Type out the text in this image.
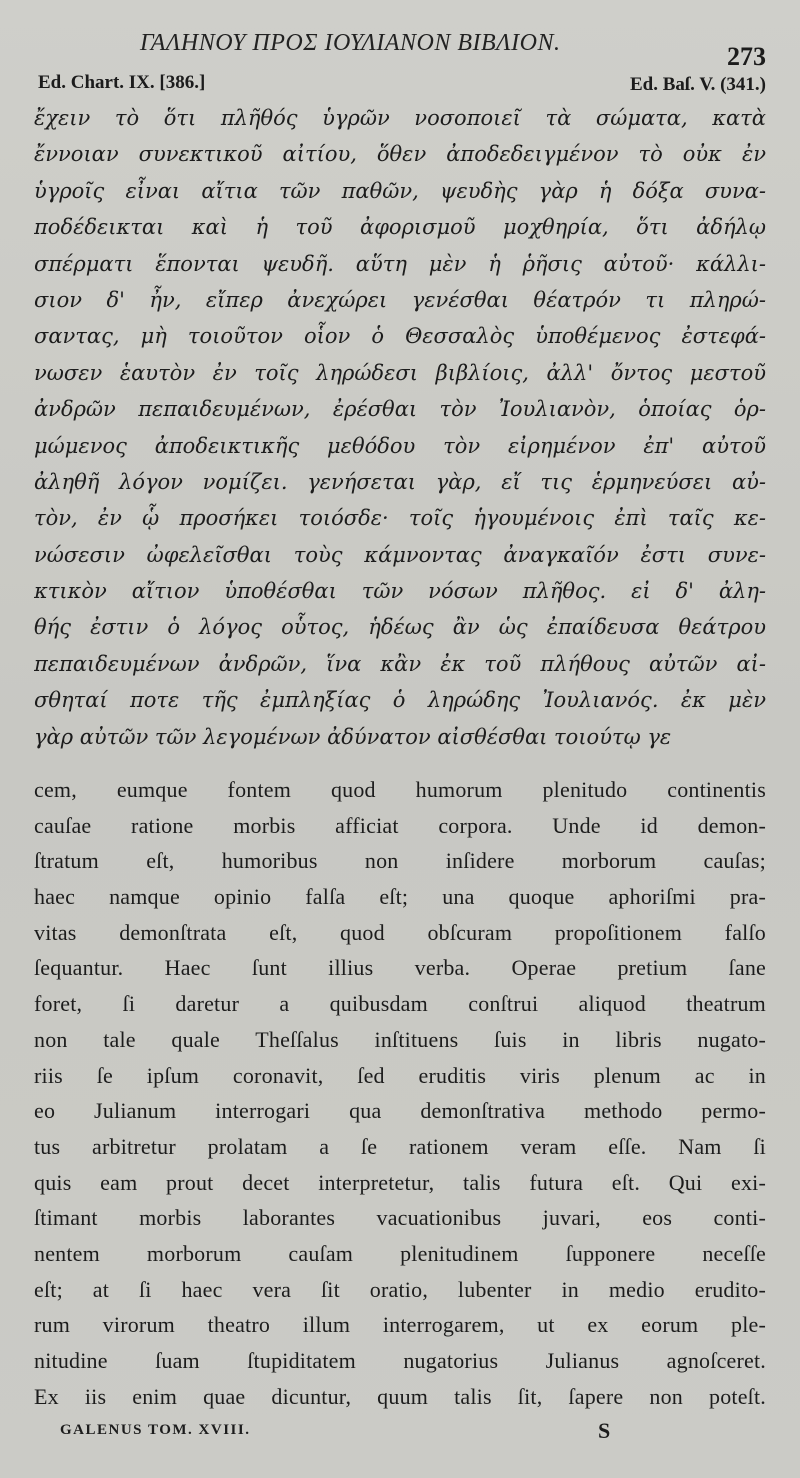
ΓΑΛΗΝΟΥ ΠΡΟΣ ΙΟΥΛΙΑΝΟΝ ΒΙΒΛΙΟΝ.	273
Ed. Chart. IX. [386.]	Ed. Baſ. V. (341.)
ἔχειν τὸ ὅτι πλῆθός ὑγρῶν νοσοποιεῖ τὰ σώματα, κατὰ
ἔννοιαν συνεκτικοῦ αἰτίου, ὅθεν ἀποδεδειγμένον τὸ οὐκ ἐν
ὑγροῖς εἶναι αἴτια τῶν παθῶν, ψευδὴς γὰρ ἡ δόξα συνα-
ποδέδεικται καὶ ἡ τοῦ ἀφορισμοῦ μοχθηρία, ὅτι ἀδήλῳ
σπέρματι ἕπονται ψευδῆ. αὕτη μὲν ἡ ῥῆσις αὐτοῦ· κάλλι-
σιον δ' ἦν, εἴπερ ἀνεχώρει γενέσθαι θέατρόν τι πληρώ-
σαντας, μὴ τοιοῦτον οἷον ὁ Θεσσαλὸς ὑποθέμενος ἐστεφά-
νωσεν ἑαυτὸν ἐν τοῖς ληρώδεσι βιβλίοις, ἀλλ' ὄντος μεστοῦ
ἀνδρῶν πεπαιδευμένων, ἐρέσθαι τὸν Ἰουλιανὸν, ὁποίας ὁρ-
μώμενος ἀποδεικτικῆς μεθόδου τὸν εἰρημένον ἐπ' αὐτοῦ
ἀληθῆ λόγον νομίζει. γενήσεται γὰρ, εἴ τις ἑρμηνεύσει αὐ-
τὸν, ἐν ᾧ προσήκει τοιόσδε· τοῖς ἡγουμένοις ἐπὶ ταῖς κε-
νώσεσιν ὠφελεῖσθαι τοὺς κάμνοντας ἀναγκαῖόν ἐστι συνε-
κτικὸν αἴτιον ὑποθέσθαι τῶν νόσων πλῆθος. εἰ δ' ἀλη-
θής ἐστιν ὁ λόγος οὗτος, ἡδέως ἂν ὡς ἐπαίδευσα θεάτρου
πεπαιδευμένων ἀνδρῶν, ἵνα κἂν ἐκ τοῦ πλήθους αὐτῶν αἰ-
σθηταί ποτε τῆς ἐμπληξίας ὁ ληρώδης Ἰουλιανός. ἐκ μὲν
γὰρ αὐτῶν τῶν λεγομένων ἀδύνατον αἰσθέσθαι τοιούτῳ γε
cem, eumque fontem quod humorum plenitudo continentis
cauſae ratione morbis afficiat corpora. Unde id demon-
ſtratum eſt, humoribus non inſidere morborum cauſas;
haec namque opinio falſa eſt; una quoque aphoriſmi pra-
vitas demonſtrata eſt, quod obſcuram propoſitionem falſo
ſequantur. Haec ſunt illius verba. Operae pretium ſane
foret, ſi daretur a quibusdam conſtrui aliquod theatrum
non tale quale Theſſalus inſtituens ſuis in libris nugato-
riis ſe ipſum coronavit, ſed eruditis viris plenum ac in
eo Julianum interrogari qua demonſtrativa methodo permo-
tus arbitretur prolatam a ſe rationem veram eſſe. Nam ſi
quis eam prout decet interpretetur, talis futura eſt. Qui exi-
ſtimant morbis laborantes vacuationibus juvari, eos conti-
nentem morborum cauſam plenitudinem ſupponere neceſſe
eſt; at ſi haec vera ſit oratio, lubenter in medio erudito-
rum virorum theatro illum interrogarem, ut ex eorum ple-
nitudine ſuam ſtupiditatem nugatorius Julianus agnoſceret.
Ex iis enim quae dicuntur, quum talis ſit, ſapere non poteſt.
GALENUS TOM. XVIII.	S
